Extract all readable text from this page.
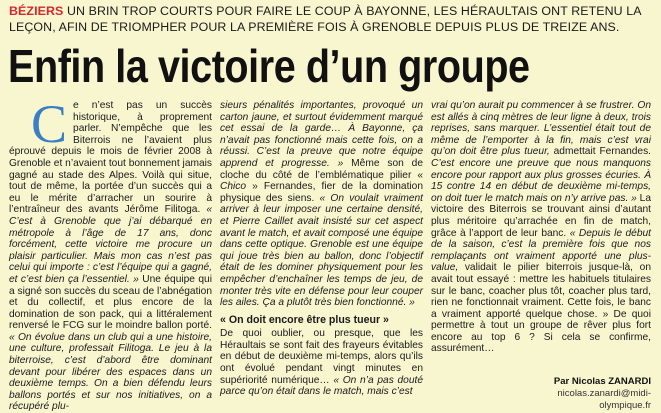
BÉZIERS UN BRIN TROP COURTS POUR FAIRE LE COUP À BAYONNE, LES HÉRAULTAIS ONT RETENU LA LEÇON, AFIN DE TRIOMPHER POUR LA PREMIÈRE FOIS À GRENOBLE DEPUIS PLUS DE TREIZE ANS.
Enfin la victoire d’un groupe

Ce n’est pas un succès historique, à proprement parler. N’empêche que les Biterrois ne l’avaient plus éprouvé depuis le mois de février 2008 à Grenoble et n’avaient tout bonnement jamais gagné au stade des Alpes. Voilà qui situe, tout de même, la portée d’un succès qui a eu le mérite d’arracher un sourire à l’entraîneur des avants Jérôme Filitoga. « C’est à Grenoble que j’ai débarqué en métropole à l’âge de 17 ans, donc forcément, cette victoire me procure un plaisir particulier. Mais mon cas n’est pas celui qui importe : c’est l’équipe qui a gagné, et c’est bien ça l’essentiel. » Une équipe qui a signé son succès du sceau de l’abnégation et du collectif, et plus encore de la domination de son pack, qui a littéralement renversé le FCG sur le moindre ballon porté. « On évolue dans un club qui a une histoire, une culture, professait Filitoga. Le jeu à la biterroise, c’est d’abord être dominant devant pour libérer des espaces dans un deuxième temps. On a bien défendu leurs ballons portés et sur nos initiatives, on a récupéré plu-

sieurs pénalités importantes, provoqué un carton jaune, et surtout évidemment marqué cet essai de la garde… À Bayonne, ça n’avait pas fonctionné mais cette fois, on a réussi. C’est la preuve que notre équipe apprend et progresse. » Même son de cloche du côté de l’emblématique pilier « Chico » Fernandes, fier de la domination physique des siens. « On voulait vraiment arriver à leur imposer une certaine densité, et Pierre Caillet avait insisté sur cet aspect avant le match, et avait composé une équipe dans cette optique. Grenoble est une équipe qui joue très bien au ballon, donc l’objectif était de les dominer physiquement pour les empêcher d’enchaîner les temps de jeu, de monter très vite en défense pour leur couper les ailes. Ça a plutôt très bien fonctionné. »

« On doit encore être plus tueur »

De quoi oublier, ou presque, que les Héraultais se sont fait des frayeurs évitables en début de deuxième mi-temps, alors qu’ils ont évolué pendant vingt minutes en supériorité numérique… « On n’a pas douté parce qu’on était dans le match, mais c’est

vrai qu’on aurait pu commencer à se frustrer. On est allés à cinq mètres de leur ligne à deux, trois reprises, sans marquer. L’essentiel était tout de même de l’emporter à la fin, mais c’est vrai qu’on doit être plus tueur, admettait Fernandes. C’est encore une preuve que nous manquons encore pour rapport aux plus grosses écuries. À 15 contre 14 en début de deuxième mi-temps, on doit tuer le match mais on n’y arrive pas. » La victoire des Biterrois se trouvant ainsi d’autant plus méritoire qu’arrachée en fin de match, grâce à l’apport de leur banc. « Depuis le début de la saison, c’est la première fois que nos remplaçants ont vraiment apporté une plus-value, validait le pilier biterrois jusque-là, on avait tout essayé : mettre les habituels titulaires sur le banc, coacher plus tôt, coacher plus tard, rien ne fonctionnait vraiment. Cette fois, le banc a vraiment apporté quelque chose. » De quoi permettre à tout un groupe de rêver plus fort encore au top 6 ? Si cela se confirme, assurément…

Par Nicolas ZANARDI
nicolas.zanardi@midi-olympique.fr
